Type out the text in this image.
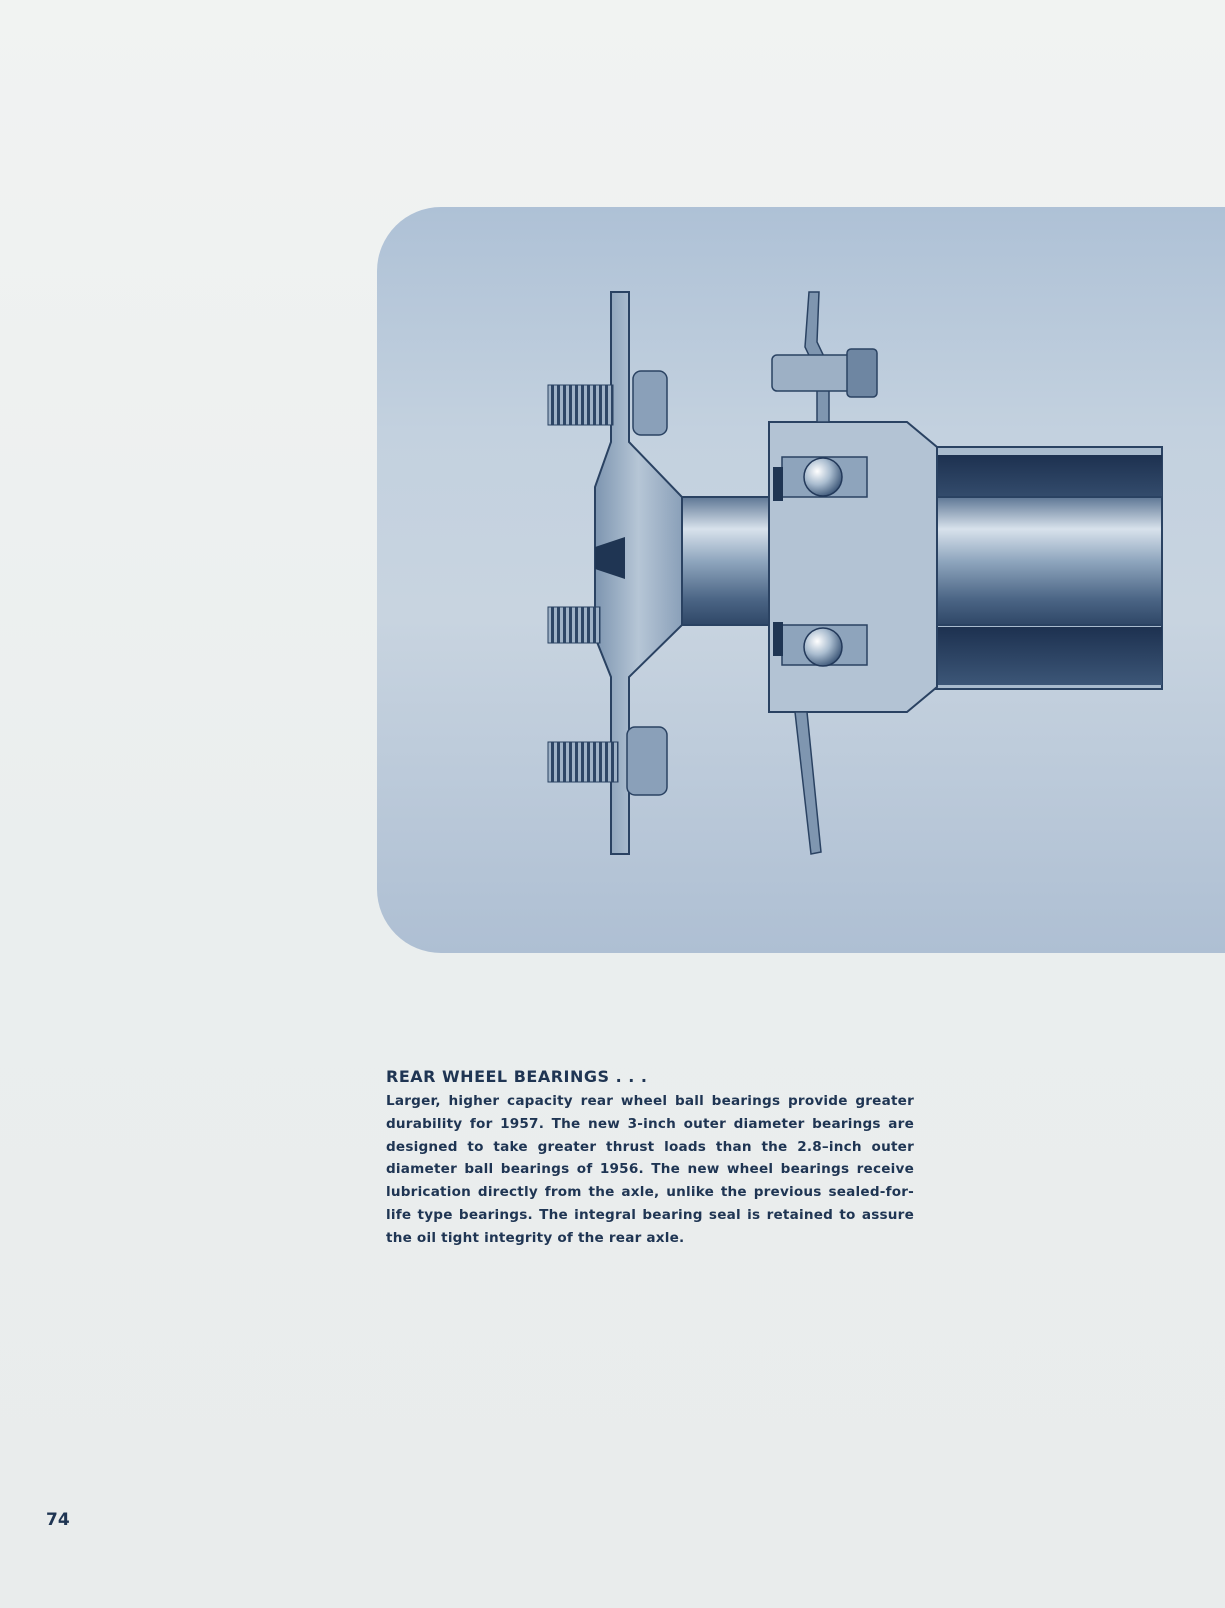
REAR WHEEL BEARINGS . . .

Larger, higher capacity rear wheel ball bearings provide greater durability for 1957. The new 3-inch outer diameter bearings are designed to take greater thrust loads than the 2.8–inch outer diameter ball bearings of 1956. The new wheel bearings receive lubrication directly from the axle, unlike the previous sealed-for-life type bearings. The integral bearing seal is retained to assure the oil tight integrity of the rear axle.

74
